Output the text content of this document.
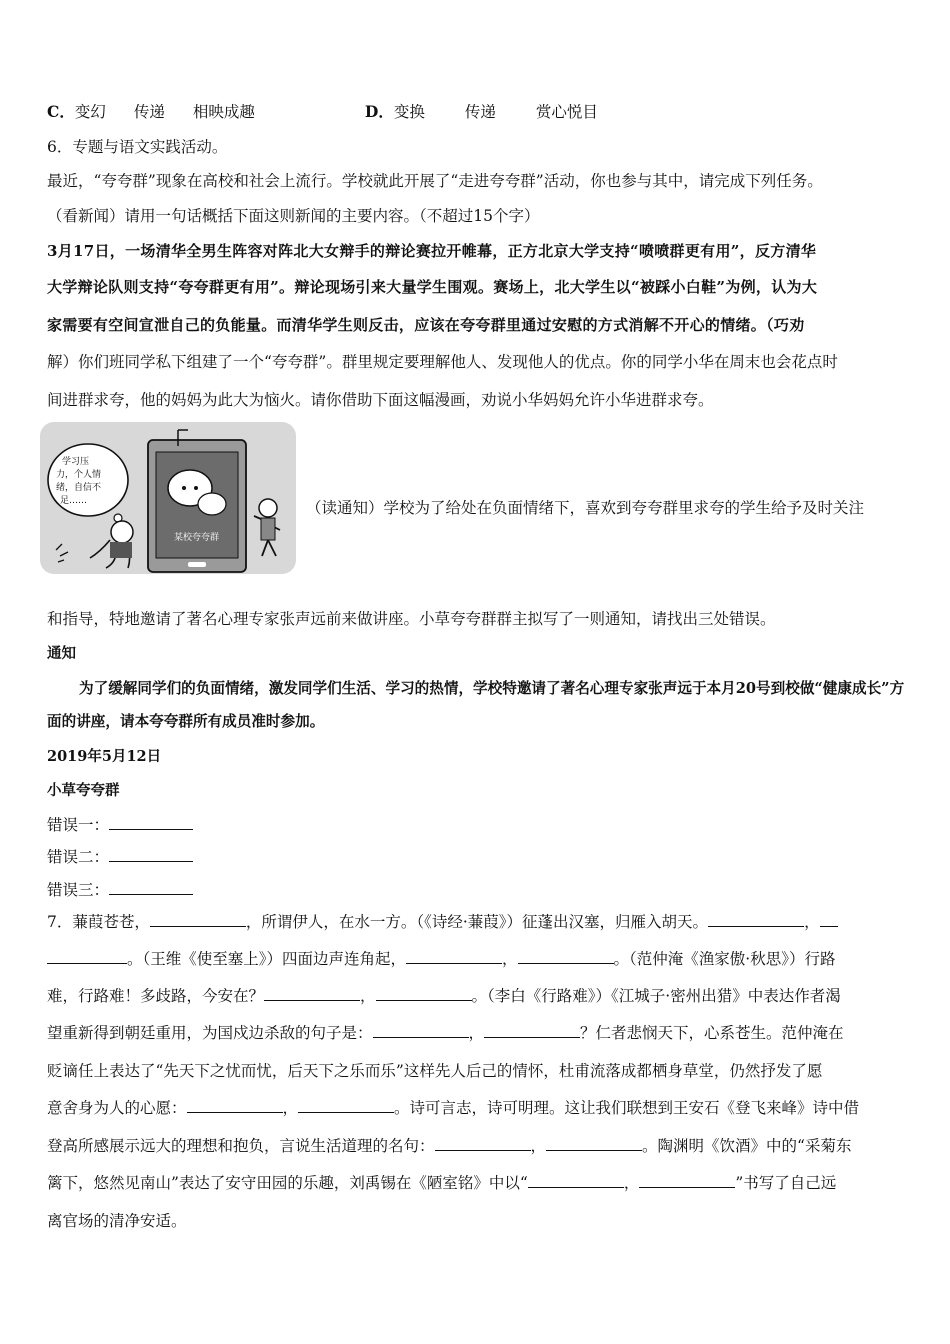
C．变幻 传递 相映成趣	D．变换	传递	赏心悦目
6．专题与语文实践活动。
最近，“夸夸群”现象在高校和社会上流行。学校就此开展了“走进夸夸群”活动，你也参与其中，请完成下列任务。
（看新闻）请用一句话概括下面这则新闻的主要内容。（不超过15个字）
3月17日，一场清华全男生阵容对阵北大女辩手的辩论赛拉开帷幕，正方北京大学支持“喷喷群更有用”，反方清华
大学辩论队则支持“夸夸群更有用”。辩论现场引来大量学生围观。赛场上，北大学生以“被踩小白鞋”为例，认为大
家需要有空间宣泄自己的负能量。而清华学生则反击，应该在夸夸群里通过安慰的方式消解不开心的情绪。（巧劝
解）你们班同学私下组建了一个“夸夸群”。群里规定要理解他人、发现他人的优点。你的同学小华在周末也会花点时
间进群求夸，他的妈妈为此大为恼火。请你借助下面这幅漫画，劝说小华妈妈允许小华进群求夸。
学习压
力，个人情
绪，自信不
足……
某校夸夸群
（读通知）学校为了给处在负面情绪下，喜欢到夸夸群里求夸的学生给予及时关注
和指导，特地邀请了著名心理专家张声远前来做讲座。小草夸夸群群主拟写了一则通知，请找出三处错误。
通知
为了缓解同学们的负面情绪，激发同学们生活、学习的热情，学校特邀请了著名心理专家张声远于本月20号到校做“健康成长”方面的讲座，请本夸夸群所有成员准时参加。
2019年5月12日
小草夸夸群
错误一：
错误二：
错误三：
7．蒹葭苍苍，	，所谓伊人，在水一方。（《诗经·蒹葭》）征蓬出汉塞，归雁入胡天。	，
。（王维《使至塞上》）四面边声连角起，	，	。（范仲淹《渔家傲·秋思》）行路
难，行路难！多歧路，今安在？	，	。（李白《行路难》）《江城子·密州出猎》中表达作者渴
望重新得到朝廷重用，为国戍边杀敌的句子是：	，	？仁者悲悯天下，心系苍生。范仲淹在
贬谪任上表达了“先天下之忧而忧，后天下之乐而乐”这样先人后己的情怀，杜甫流落成都栖身草堂，仍然抒发了愿
意舍身为人的心愿：	，	。诗可言志，诗可明理。这让我们联想到王安石《登飞来峰》诗中借
登高所感展示远大的理想和抱负，言说生活道理的名句：	，	。陶渊明《饮酒》中的“采菊东
篱下，悠然见南山”表达了安守田园的乐趣，刘禹锡在《陋室铭》中以“	，	”书写了自己远
离官场的清净安适。
